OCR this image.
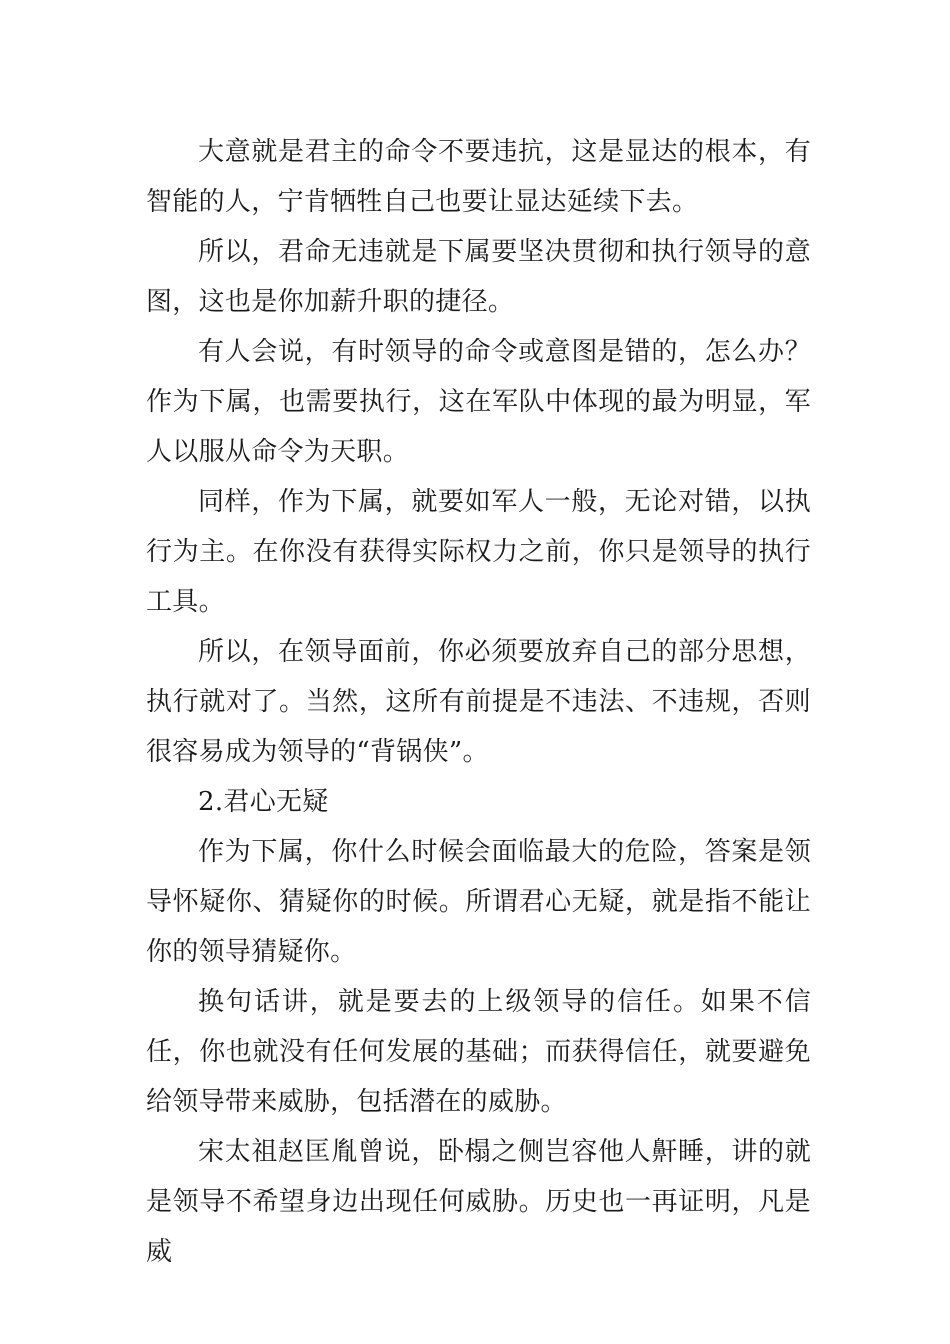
大意就是君主的命令不要违抗，这是显达的根本，有智能的人，宁肯牺牲自己也要让显达延续下去。

所以，君命无违就是下属要坚决贯彻和执行领导的意图，这也是你加薪升职的捷径。

有人会说，有时领导的命令或意图是错的，怎么办？作为下属，也需要执行，这在军队中体现的最为明显，军人以服从命令为天职。

同样，作为下属，就要如军人一般，无论对错，以执行为主。在你没有获得实际权力之前，你只是领导的执行工具。

所以，在领导面前，你必须要放弃自己的部分思想，执行就对了。当然，这所有前提是不违法、不违规，否则很容易成为领导的“背锅侠”。

2.君心无疑

作为下属，你什么时候会面临最大的危险，答案是领导怀疑你、猜疑你的时候。所谓君心无疑，就是指不能让你的领导猜疑你。

换句话讲，就是要去的上级领导的信任。如果不信任，你也就没有任何发展的基础；而获得信任，就要避免给领导带来威胁，包括潜在的威胁。

宋太祖赵匡胤曾说，卧榻之侧岂容他人鼾睡，讲的就是领导不希望身边出现任何威胁。历史也一再证明，凡是威
